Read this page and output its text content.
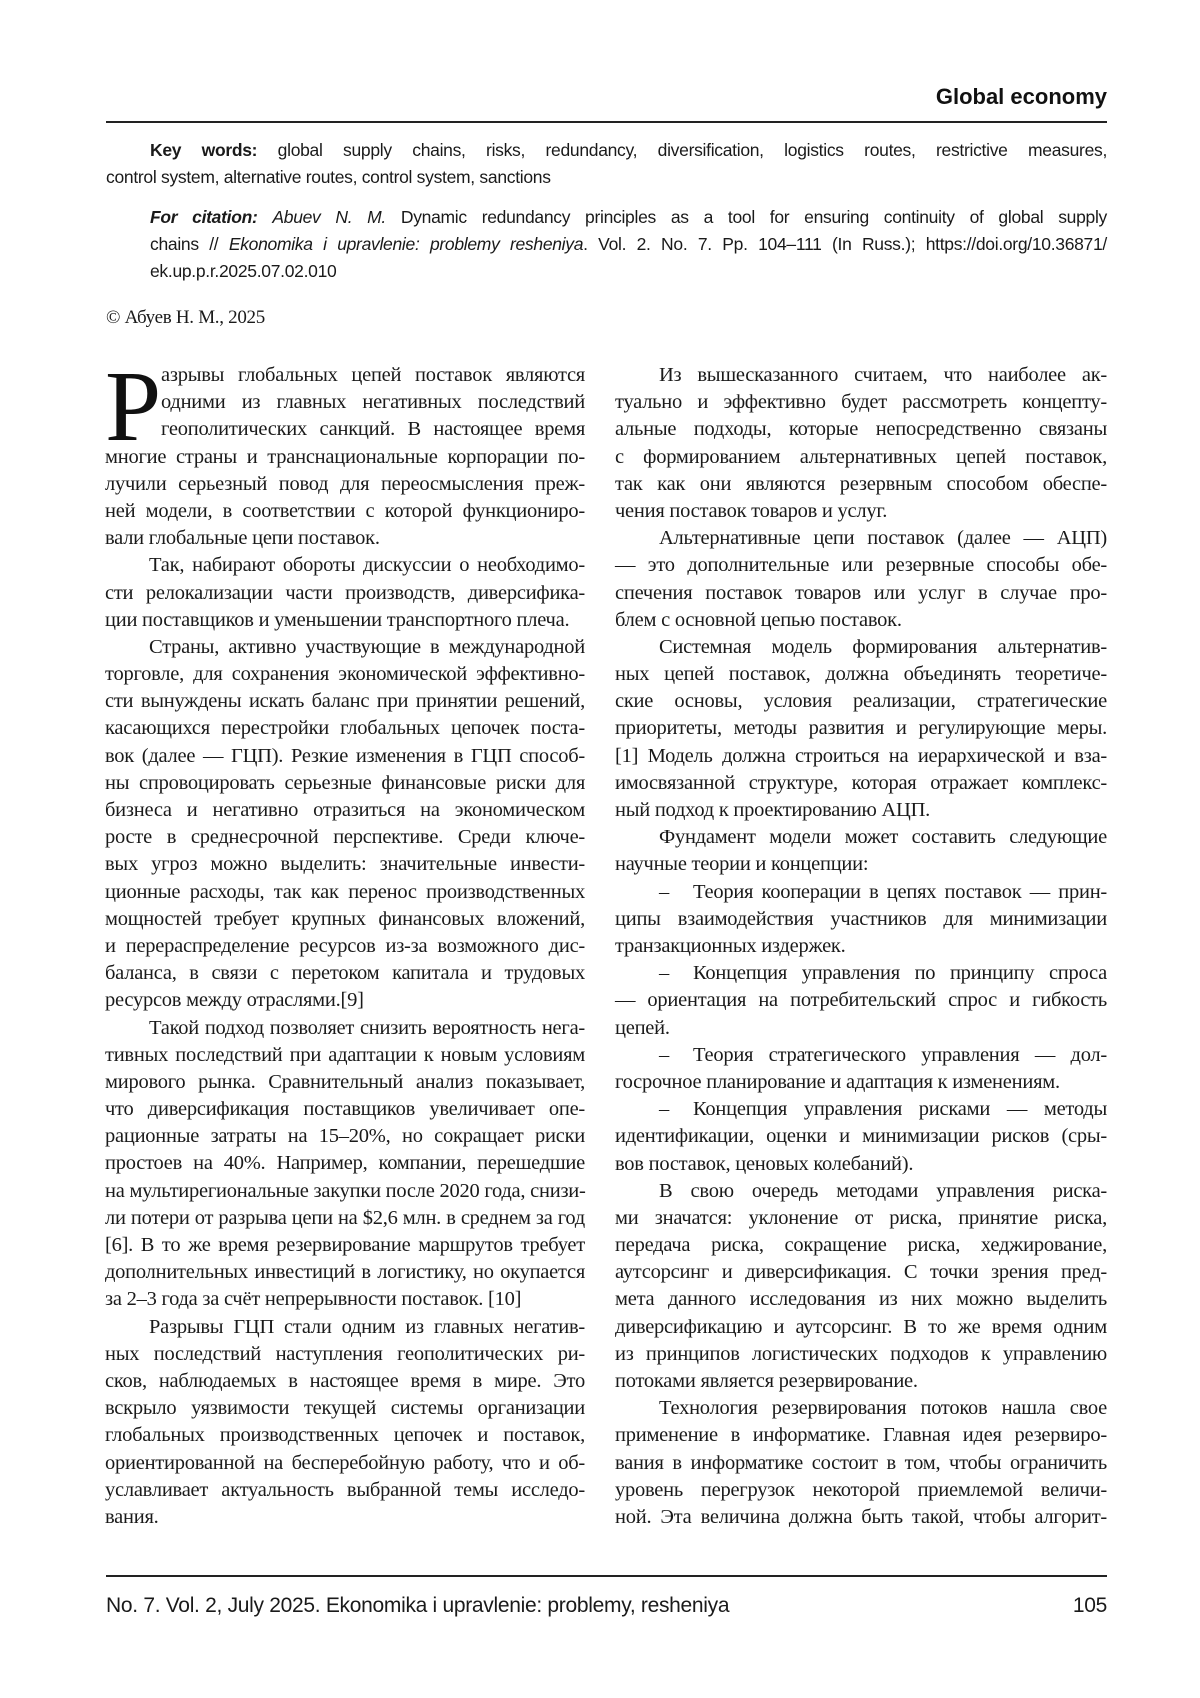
Global economy
Key words: global supply chains, risks, redundancy, diversification, logistics routes, restrictive measures,
control system, alternative routes, control system, sanctions
For citation: Abuev N. M. Dynamic redundancy principles as a tool for ensuring continuity of global supply
chains // Ekonomika i upravlenie: problemy resheniya. Vol. 2. No. 7. Pp. 104–111 (In Russ.); https://doi.org/10.36871/
ek.up.p.r.2025.07.02.010
© Абуев Н. М., 2025
Р азрывы глобальных цепей поставок являются
одними из главных негативных последствий
геополитических санкций. В настоящее время
многие страны и транснациональные корпорации по-
лучили серьезный повод для переосмысления преж-
ней модели, в соответствии с которой функциониро-
вали глобальные цепи поставок.
Так, набирают обороты дискуссии о необходимо-
сти релокализации части производств, диверсифика-
ции поставщиков и уменьшении транспортного плеча.
Страны, активно участвующие в международной
торговле, для сохранения экономической эффективно-
сти вынуждены искать баланс при принятии решений,
касающихся перестройки глобальных цепочек поста-
вок (далее — ГЦП). Резкие изменения в ГЦП способ-
ны спровоцировать серьезные финансовые риски для
бизнеса и негативно отразиться на экономическом
росте в среднесрочной перспективе. Среди ключе-
вых угроз можно выделить: значительные инвести-
ционные расходы, так как перенос производственных
мощностей требует крупных финансовых вложений,
и перераспределение ресурсов из-за возможного дис-
баланса, в связи с перетоком капитала и трудовых
ресурсов между отраслями.[9]
Такой подход позволяет снизить вероятность нега-
тивных последствий при адаптации к новым условиям
мирового рынка. Сравнительный анализ показывает,
что диверсификация поставщиков увеличивает опе-
рационные затраты на 15–20%, но сокращает риски
простоев на 40%. Например, компании, перешедшие
на мультирегиональные закупки после 2020 года, снизи-
ли потери от разрыва цепи на $2,6 млн. в среднем за год
[6]. В то же время резервирование маршрутов требует
дополнительных инвестиций в логистику, но окупается
за 2–3 года за счёт непрерывности поставок. [10]
Разрывы ГЦП стали одним из главных негатив-
ных последствий наступления геополитических ри-
сков, наблюдаемых в настоящее время в мире. Это
вскрыло уязвимости текущей системы организации
глобальных производственных цепочек и поставок,
ориентированной на бесперебойную работу, что и об-
уславливает актуальность выбранной темы исследо-
вания.
Из вышесказанного считаем, что наиболее ак-
туально и эффективно будет рассмотреть концепту-
альные подходы, которые непосредственно связаны
с формированием альтернативных цепей поставок,
так как они являются резервным способом обеспе-
чения поставок товаров и услуг.
Альтернативные цепи поставок (далее — АЦП)
— это дополнительные или резервные способы обе-
спечения поставок товаров или услуг в случае про-
блем с основной цепью поставок.
Системная модель формирования альтернатив-
ных цепей поставок, должна объединять теоретиче-
ские основы, условия реализации, стратегические
приоритеты, методы развития и регулирующие меры.
[1] Модель должна строиться на иерархической и вза-
имосвязанной структуре, которая отражает комплекс-
ный подход к проектированию АЦП.
Фундамент модели может составить следующие
научные теории и концепции:
–	Теория кооперации в цепях поставок — прин-
ципы взаимодействия участников для минимизации
транзакционных издержек.
–	Концепция управления по принципу спроса
— ориентация на потребительский спрос и гибкость
цепей.
–	Теория стратегического управления — дол-
госрочное планирование и адаптация к изменениям.
–	Концепция управления рисками — методы
идентификации, оценки и минимизации рисков (сры-
вов поставок, ценовых колебаний).
В свою очередь методами управления риска-
ми значатся: уклонение от риска, принятие риска,
передача риска, сокращение риска, хеджирование,
аутсорсинг и диверсификация. С точки зрения пред-
мета данного исследования из них можно выделить
диверсификацию и аутсорсинг. В то же время одним
из принципов логистических подходов к управлению
потоками является резервирование.
Технология резервирования потоков нашла свое
применение в информатике. Главная идея резервиро-
вания в информатике состоит в том, чтобы ограничить
уровень перегрузок некоторой приемлемой величи-
ной. Эта величина должна быть такой, чтобы алгорит-
No. 7. Vol. 2, July 2025. Ekonomika i upravlenie: problemy, resheniya	105
